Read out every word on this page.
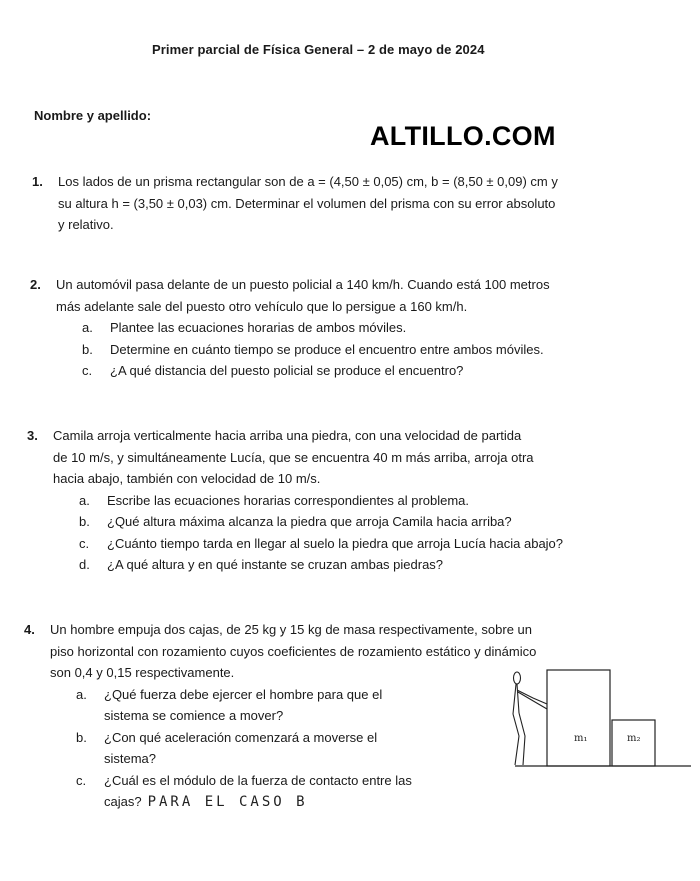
Primer parcial de Física General – 2 de mayo de 2024
Nombre y apellido:
ALTILLO.COM
1. Los lados de un prisma rectangular son de a = (4,50 ± 0,05) cm, b = (8,50 ± 0,09) cm y
su altura h = (3,50 ± 0,03) cm. Determinar el volumen del prisma con su error absoluto
y relativo.
2. Un automóvil pasa delante de un puesto policial a 140 km/h. Cuando está 100 metros
más adelante sale del puesto otro vehículo que lo persigue a 160 km/h.
a. Plantee las ecuaciones horarias de ambos móviles.
b. Determine en cuánto tiempo se produce el encuentro entre ambos móviles.
c. ¿A qué distancia del puesto policial se produce el encuentro?
3. Camila arroja verticalmente hacia arriba una piedra, con una velocidad de partida
de 10 m/s, y simultáneamente Lucía, que se encuentra 40 m más arriba, arroja otra
hacia abajo, también con velocidad de 10 m/s.
a. Escribe las ecuaciones horarias correspondientes al problema.
b. ¿Qué altura máxima alcanza la piedra que arroja Camila hacia arriba?
c. ¿Cuánto tiempo tarda en llegar al suelo la piedra que arroja Lucía hacia abajo?
d. ¿A qué altura y en qué instante se cruzan ambas piedras?
4. Un hombre empuja dos cajas, de 25 kg y 15 kg de masa respectivamente, sobre un
piso horizontal con rozamiento cuyos coeficientes de rozamiento estático y dinámico
son 0,4 y 0,15 respectivamente.
a. ¿Qué fuerza debe ejercer el hombre para que el
sistema se comience a mover?
b. ¿Con qué aceleración comenzará a moverse el
sistema?
c. ¿Cuál es el módulo de la fuerza de contacto entre las
cajas? PARA EL CASO B
m₁	m₂
